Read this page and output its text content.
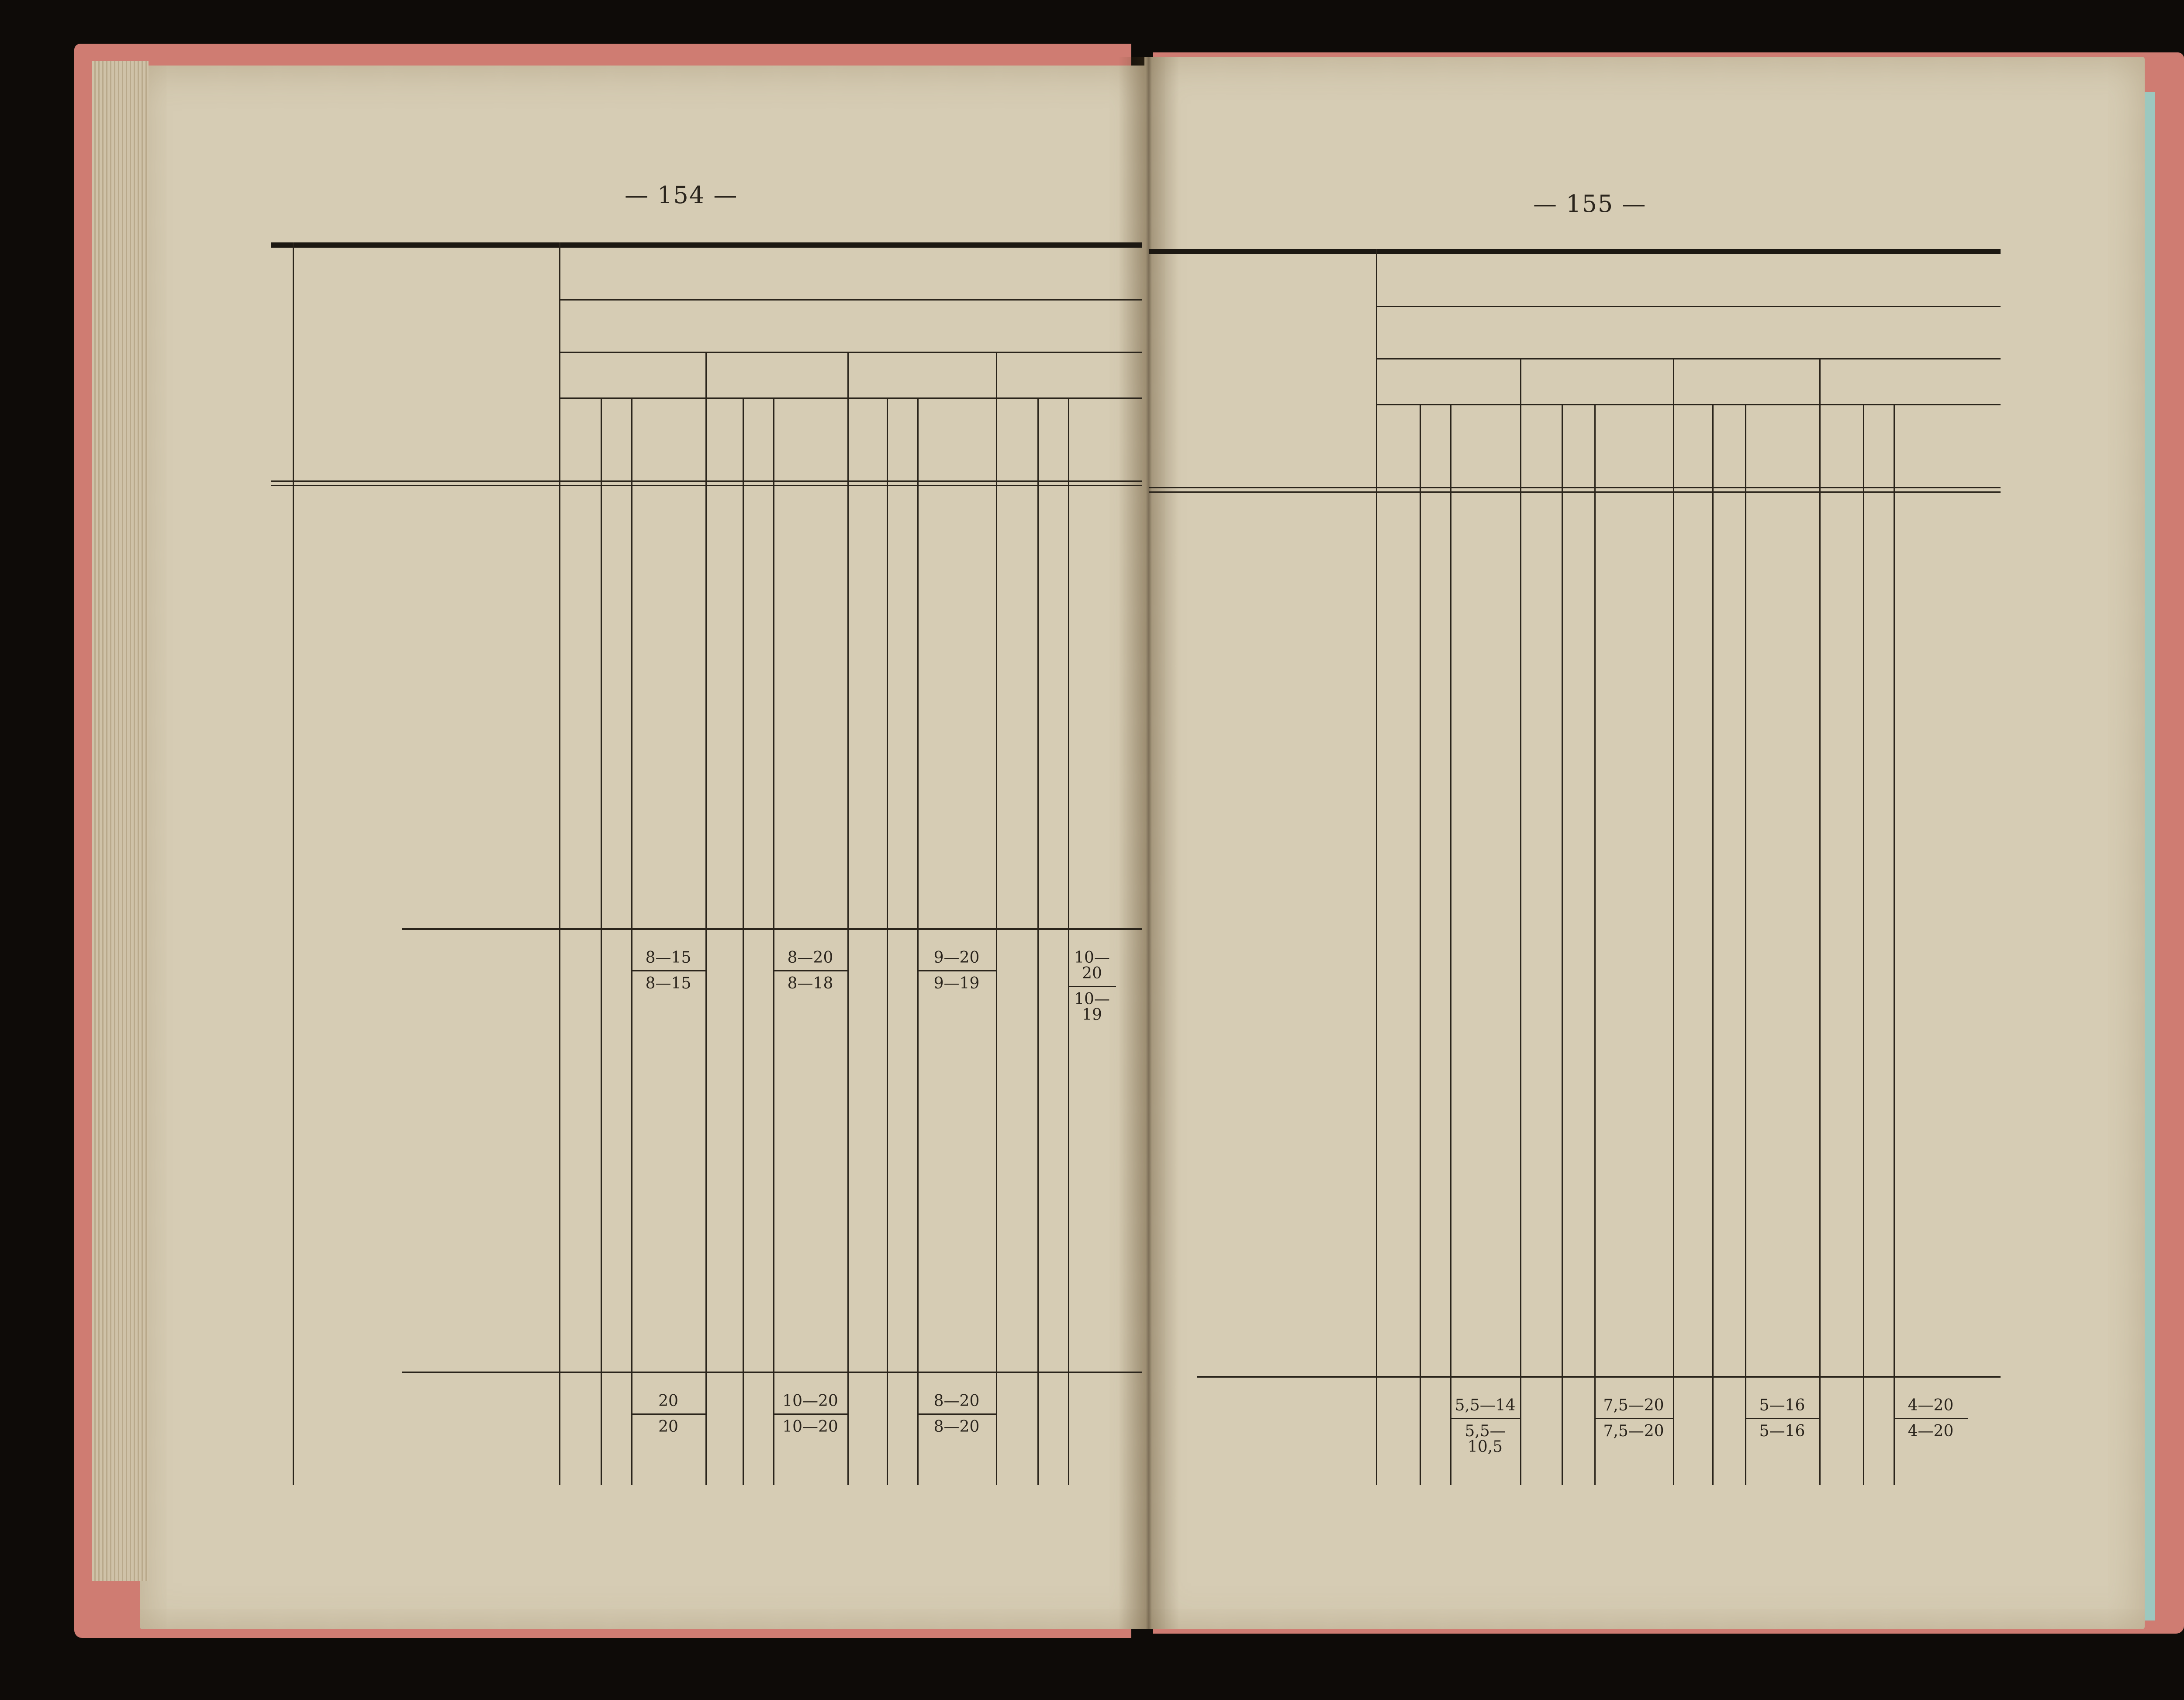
— 154 —	— 155 —
8—15
8—15
8—20
8—18
9—20
9—19
10—20
10—19
20
20
10—20
10—20
8—20
8—20
5,5—14
5,5—10,5
7,5—20
7,5—20
5—16
5—16
4—20
4—20
